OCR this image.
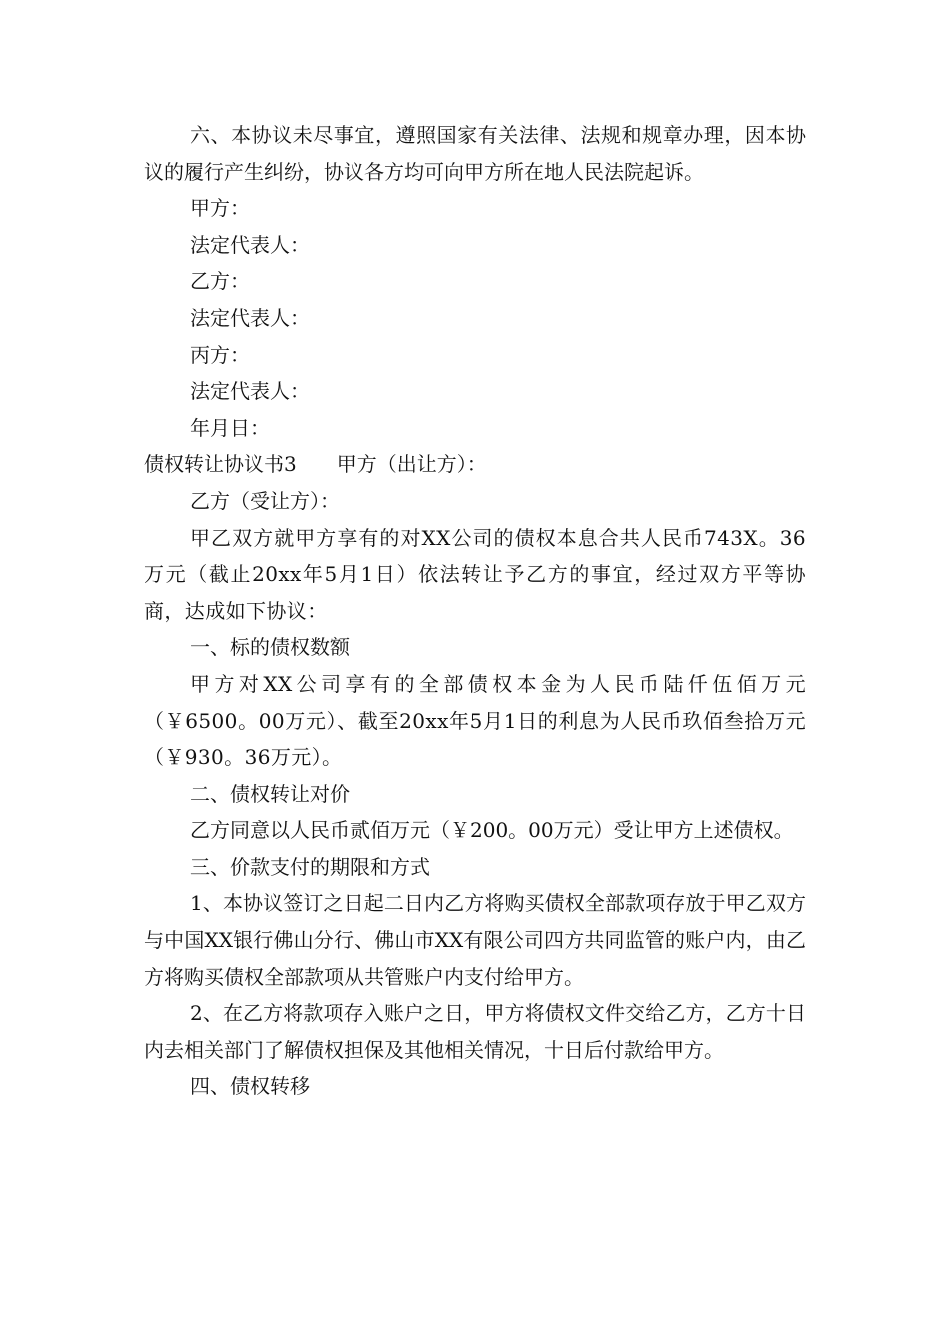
六、本协议未尽事宜，遵照国家有关法律、法规和规章办理，因本协议的履行产生纠纷，协议各方均可向甲方所在地人民法院起诉。

甲方：

法定代表人：

乙方：

法定代表人：

丙方：

法定代表人：

年月日：

债权转让协议书3 甲方（出让方）：

乙方（受让方）：

甲乙双方就甲方享有的对XX公司的债权本息合共人民币743X。36万元（截止20xx年5月1日）依法转让予乙方的事宜，经过双方平等协商，达成如下协议：

一、标的债权数额

甲方对XX公司享有的全部债权本金为人民币陆仟伍佰万元（￥6500。00万元）、截至20xx年5月1日的利息为人民币玖佰叁拾万元（￥930。36万元）。

二、债权转让对价

乙方同意以人民币贰佰万元（￥200。00万元）受让甲方上述债权。

三、价款支付的期限和方式

1、本协议签订之日起二日内乙方将购买债权全部款项存放于甲乙双方与中国XX银行佛山分行、佛山市XX有限公司四方共同监管的账户内，由乙方将购买债权全部款项从共管账户内支付给甲方。

2、在乙方将款项存入账户之日，甲方将债权文件交给乙方，乙方十日内去相关部门了解债权担保及其他相关情况，十日后付款给甲方。

四、债权转移
